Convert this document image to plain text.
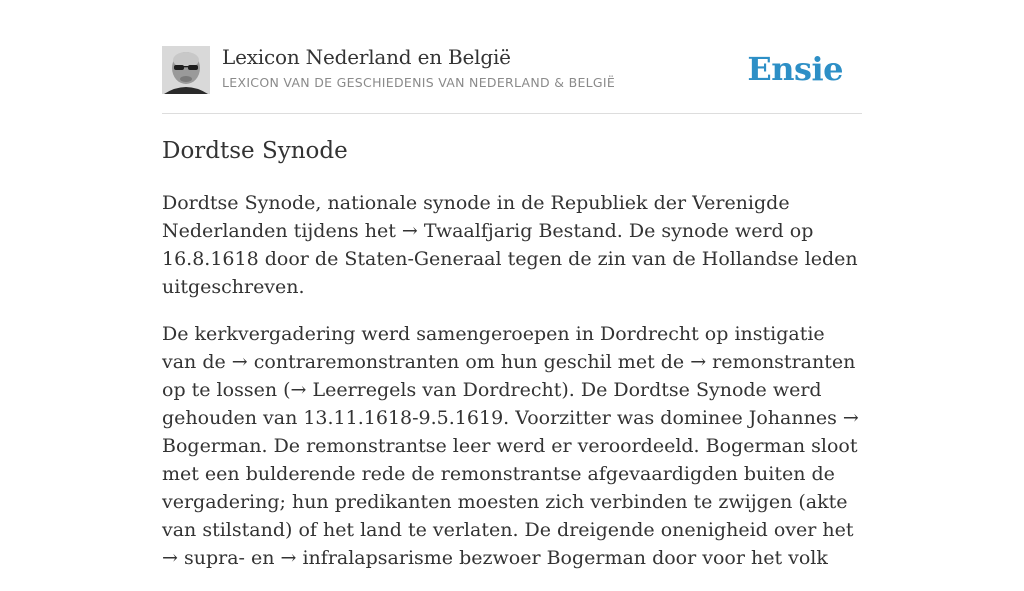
Lexicon Nederland en België
LEXICON VAN DE GESCHIEDENIS VAN NEDERLAND & BELGIË	Ensie
Dordtse Synode

Dordtse Synode, nationale synode in de Republiek der Verenigde Nederlanden tijdens het → Twaalfjarig Bestand. De synode werd op 16.8.1618 door de Staten-Generaal tegen de zin van de Hollandse leden uitgeschreven.

De kerkvergadering werd samengeroepen in Dordrecht op instigatie van de → contraremonstranten om hun geschil met de → remonstranten op te lossen (→ Leerregels van Dordrecht). De Dordtse Synode werd gehouden van 13.11.1618-9.5.1619. Voorzitter was dominee Johannes → Bogerman. De remonstrantse leer werd er veroordeeld. Bogerman sloot met een bulderende rede de remonstrantse afgevaardigden buiten de vergadering; hun predikanten moesten zich verbinden te zwijgen (akte van stilstand) of het land te verlaten. De dreigende onenigheid over het → supra- en → infralapsarisme bezwoer Bogerman door voor het volk
